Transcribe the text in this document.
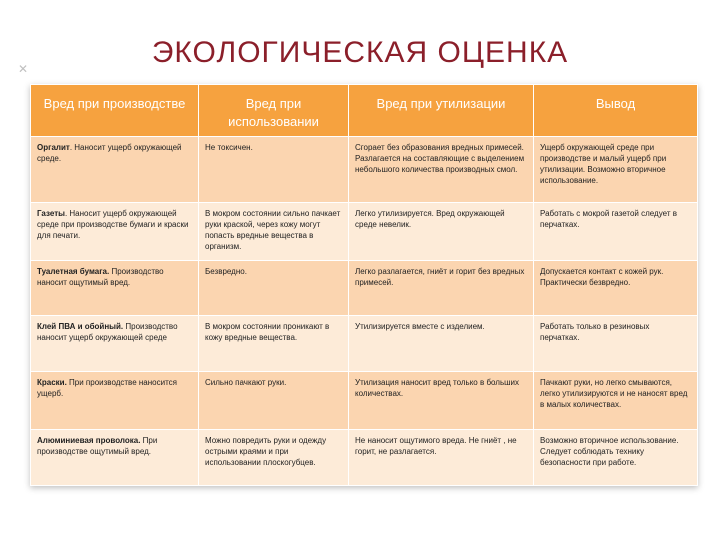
✕	ЭКОЛОГИЧЕСКАЯ ОЦЕНКА
Вред при производстве	Вред при использовании	Вред при утилизации	Вывод
Оргалит. Наносит ущерб окружающей среде.	Не токсичен.	Сгорает без образования вредных примесей. Разлагается на составляющие с выделением небольшого количества производных смол.	Ущерб окружающей среде при производстве и малый ущерб при утилизации. Возможно вторичное использование.
Газеты. Наносит ущерб окружающей среде при производстве бумаги и краски для печати.	В мокром состоянии сильно пачкает руки краской, через кожу могут попасть вредные вещества в организм.	Легко утилизируется. Вред окружающей среде невелик.	Работать с мокрой газетой следует в перчатках.
Туалетная бумага. Производство наносит ощутимый вред.	Безвредно.	Легко разлагается, гниёт и горит без вредных примесей.	Допускается контакт с кожей рук. Практически безвредно.
Клей ПВА и обойный. Производство наносит ущерб окружающей среде	В мокром состоянии проникают в кожу вредные вещества.	Утилизируется вместе с изделием.	Работать только в резиновых перчатках.
Краски. При производстве наносится ущерб.	Сильно пачкают руки.	Утилизация наносит вред только в больших количествах.	Пачкают руки, но легко смываются, легко утилизируются и не наносят вред в малых количествах.
Алюминиевая проволока. При производстве ощутимый вред.	Можно повредить руки и одежду острыми краями и при использовании плоскогубцев.	Не наносит ощутимого вреда. Не гниёт , не горит, не разлагается.	Возможно вторичное использование. Следует соблюдать технику безопасности при работе.
